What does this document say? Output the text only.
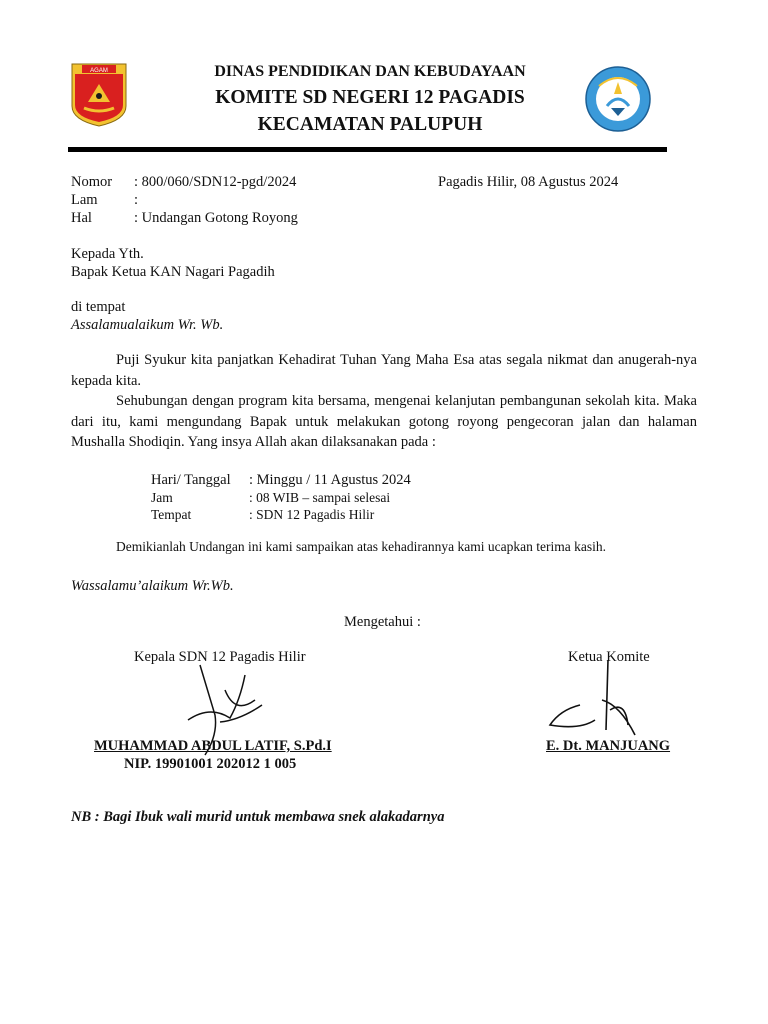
AGAM	DINAS PENDIDIKAN DAN KEBUDAYAAN
KOMITE SD NEGERI 12 PAGADIS
KECAMATAN PALUPUH
Nomor : 800/060/SDN12-pgd/2024
Lam	:
Hal	: Undangan Gotong Royong
Pagadis Hilir, 08 Agustus 2024
Kepada Yth.
Bapak Ketua KAN Nagari Pagadih
di tempat
Assalamualaikum Wr. Wb.
Puji Syukur kita panjatkan Kehadirat Tuhan Yang Maha Esa atas segala nikmat dan anugerah-nya kepada kita.
Sehubungan dengan program kita bersama, mengenai kelanjutan pembangunan sekolah kita. Maka dari itu, kami mengundang Bapak untuk melakukan gotong royong pengecoran jalan dan halaman Mushalla Shodiqin. Yang insya Allah akan dilaksanakan pada :
Hari/ Tanggal : Minggu / 11 Agustus 2024
Jam	: 08 WIB – sampai selesai
Tempat	: SDN 12 Pagadis Hilir
Demikianlah Undangan ini kami sampaikan atas kehadirannya kami ucapkan terima kasih.
Wassalamu’alaikum Wr.Wb.
Mengetahui :
Kepala SDN 12 Pagadis Hilir	Ketua Komite
MUHAMMAD ABDUL LATIF, S.Pd.I
NIP. 19901001 202012 1 005
E. Dt. MANJUANG
NB : Bagi Ibuk wali murid untuk membawa snek alakadarnya
